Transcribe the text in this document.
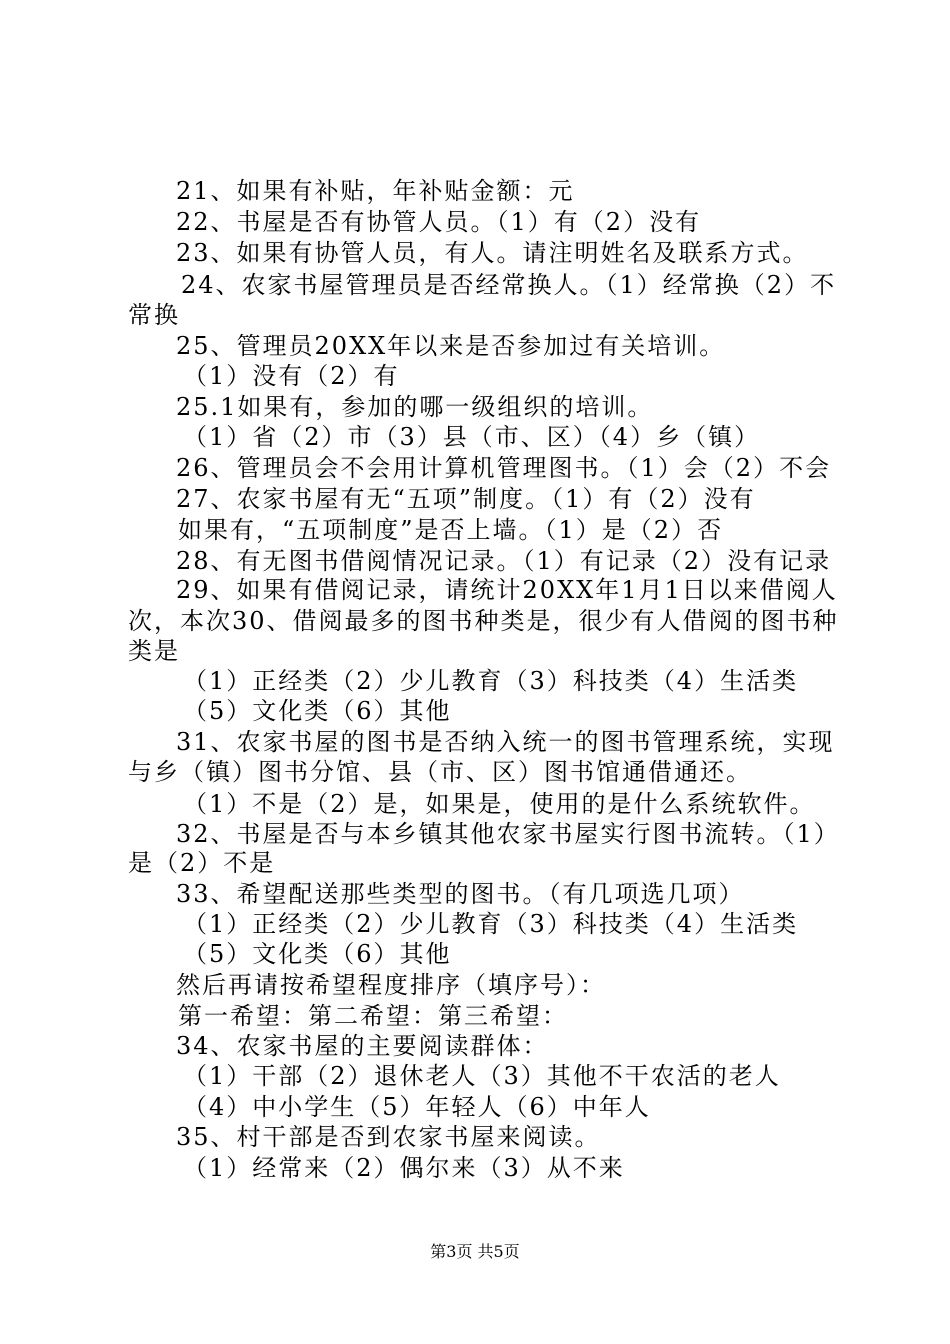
21、如果有补贴，年补贴金额：元
22、书屋是否有协管人员。（1）有（2）没有
23、如果有协管人员，有人。请注明姓名及联系方式。
24、农家书屋管理员是否经常换人。（1）经常换（2）不
常换
25、管理员20XX年以来是否参加过有关培训。
（1）没有（2）有
25.1如果有，参加的哪一级组织的培训。
（1）省（2）市（3）县（市、区）（4）乡（镇）
26、管理员会不会用计算机管理图书。（1）会（2）不会
27、农家书屋有无“五项”制度。（1）有（2）没有
如果有，“五项制度”是否上墙。（1）是（2）否
28、有无图书借阅情况记录。（1）有记录（2）没有记录
29、如果有借阅记录，请统计20XX年1月1日以来借阅人
次，本次30、借阅最多的图书种类是，很少有人借阅的图书种
类是
（1）正经类（2）少儿教育（3）科技类（4）生活类
（5）文化类（6）其他
31、农家书屋的图书是否纳入统一的图书管理系统，实现
与乡（镇）图书分馆、县（市、区）图书馆通借通还。
（1）不是（2）是，如果是，使用的是什么系统软件。
32、书屋是否与本乡镇其他农家书屋实行图书流转。（1）
是（2）不是
33、希望配送那些类型的图书。（有几项选几项）
（1）正经类（2）少儿教育（3）科技类（4）生活类
（5）文化类（6）其他
然后再请按希望程度排序（填序号）：
第一希望：第二希望：第三希望：
34、农家书屋的主要阅读群体：
（1）干部（2）退休老人（3）其他不干农活的老人
（4）中小学生（5）年轻人（6）中年人
35、村干部是否到农家书屋来阅读。
（1）经常来（2）偶尔来（3）从不来
第3页 共5页
